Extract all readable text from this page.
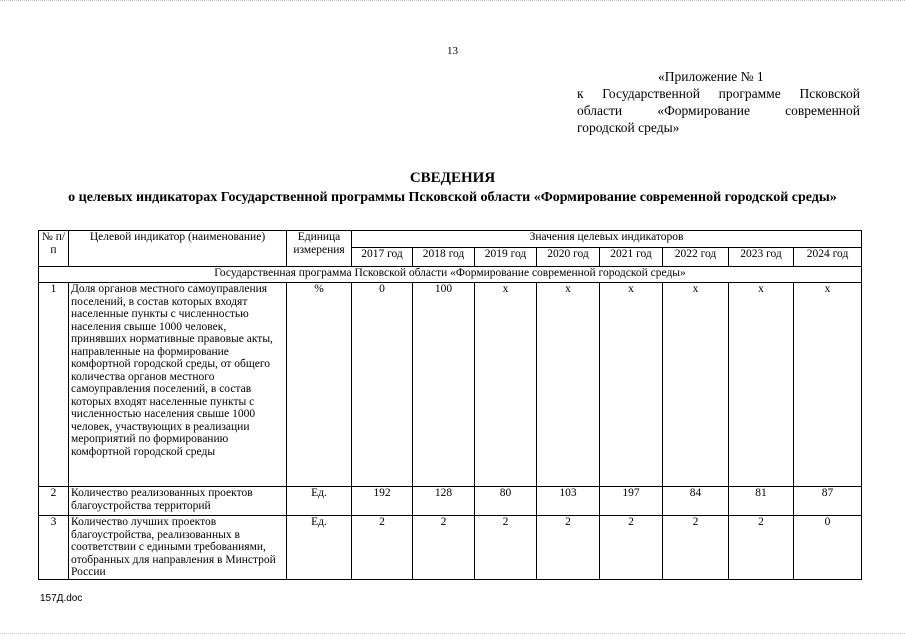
13
«Приложение № 1
к Государственной программе Псковской
области «Формирование современной
городской среды»
СВЕДЕНИЯ
о целевых индикаторах Государственной программы Псковской области «Формирование современной городской среды»
№ п/п	Целевой индикатор (наименование)	Единица измерения	Значения целевых индикаторов							
			2017 год	2018 год	2019 год	2020 год	2021 год	2022 год	2023 год	2024 год
Государственная программа Псковской области «Формирование современной городской среды»										
1	Доля органов местного самоуправления поселений, в состав которых входят населенные пункты с численностью населения свыше 1000 человек, принявших нормативные правовые акты, направленные на формирование комфортной городской среды, от общего количества органов местного самоуправления поселений, в состав которых входят населенные пункты с численностью населения свыше 1000 человек, участвующих в реализации мероприятий по формированию комфортной городской среды	%	0	100	x	x	x	x	x	x
2	Количество реализованных проектов благоустройства территорий	Ед.	192	128	80	103	197	84	81	87
3	Количество лучших проектов благоустройства, реализованных в соответствии с едиными требованиями, отобранных для направления в Минстрой России	Ед.	2	2	2	2	2	2	2	0
157Д.doc
